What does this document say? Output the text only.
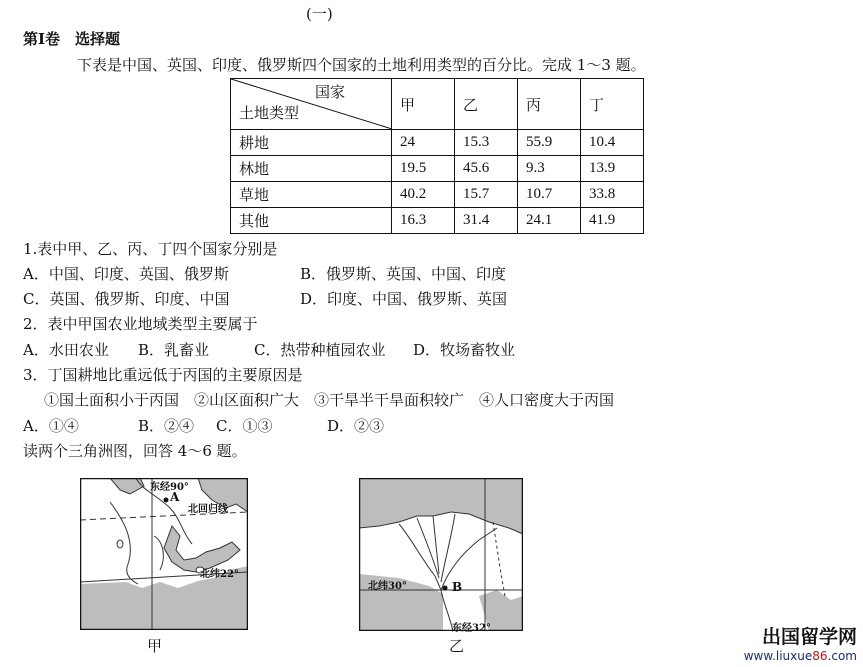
(一)
第Ⅰ卷　选择题
下表是中国、英国、印度、俄罗斯四个国家的土地利用类型的百分比。完成 1～3 题。
国家
土地类型	甲	乙	丙	丁
耕地	24	15.3	55.9	10.4
林地	19.5	45.6	9.3	13.9
草地	40.2	15.7	10.7	33.8
其他	16.3	31.4	24.1	41.9
1.表中甲、乙、丙、丁四个国家分别是
A．中国、印度、英国、俄罗斯	B．俄罗斯、英国、中国、印度
C．英国、俄罗斯、印度、中国	D．印度、中国、俄罗斯、英国
2．表中甲国农业地域类型主要属于
A．水田农业 B．乳畜业	C．热带种植园农业 D．牧场畜牧业
3．丁国耕地比重远低于丙国的主要原因是
①国土面积小于丙国　②山区面积广大　③干旱半干旱面积较广　④人口密度大于丙国
A．①④	B．②④ C．①③	D．②③
读两个三角洲图，回答 4～6 题。
东经90°
A
北回归线
北纬22°
甲
北纬30°	B
东经32°
乙	出国留学网
www.liuxue86.com
